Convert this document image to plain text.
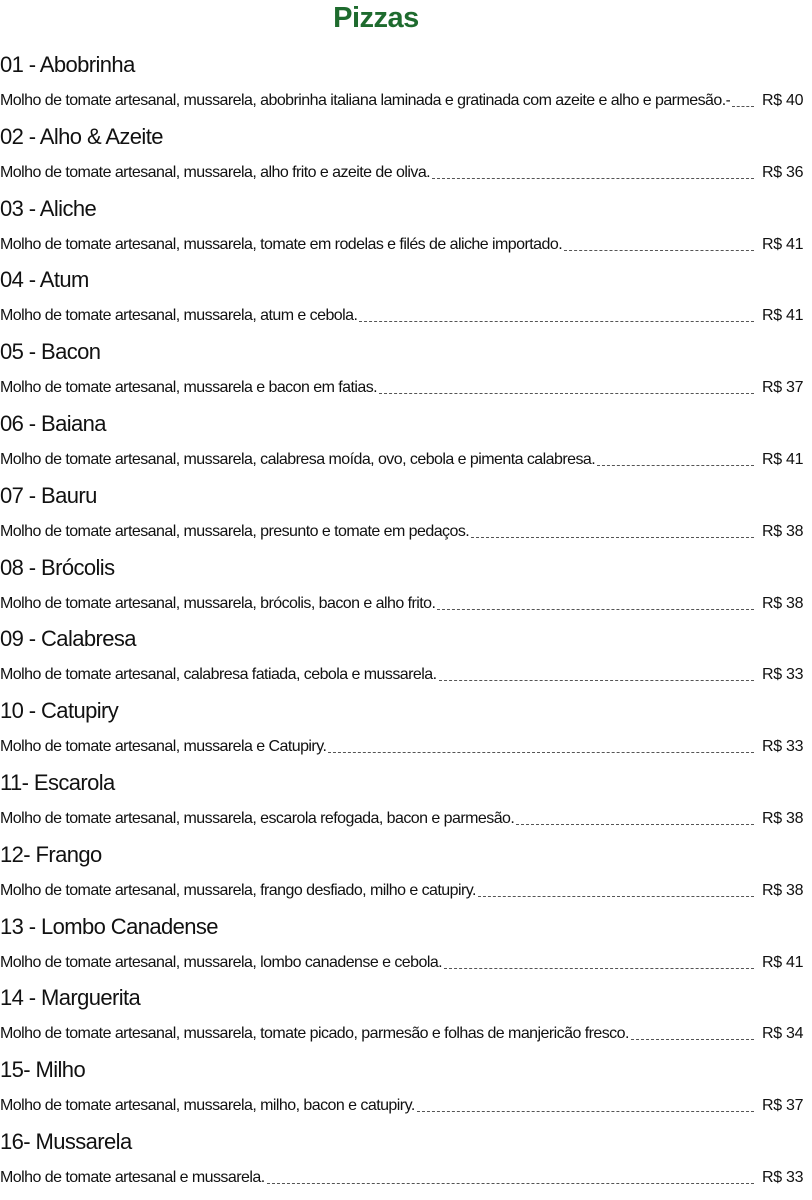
Pizzas
01 - Abobrinha
Molho de tomate artesanal, mussarela, abobrinha italiana laminada e gratinada com azeite e alho e parmesão.- R$ 40
02 - Alho & Azeite
Molho de tomate artesanal, mussarela, alho frito e azeite de oliva.	R$ 36
03 - Aliche
Molho de tomate artesanal, mussarela, tomate em rodelas e filés de aliche importado.	R$ 41
04 - Atum
Molho de tomate artesanal, mussarela, atum e cebola.	R$ 41
05 - Bacon
Molho de tomate artesanal, mussarela e bacon em fatias.	R$ 37
06 - Baiana
Molho de tomate artesanal, mussarela, calabresa moída, ovo, cebola e pimenta calabresa.	R$ 41
07 - Bauru
Molho de tomate artesanal, mussarela, presunto e tomate em pedaços.	R$ 38
08 - Brócolis
Molho de tomate artesanal, mussarela, brócolis, bacon e alho frito.	R$ 38
09 - Calabresa
Molho de tomate artesanal, calabresa fatiada, cebola e mussarela.	R$ 33
10 - Catupiry
Molho de tomate artesanal, mussarela e Catupiry.	R$ 33
11- Escarola
Molho de tomate artesanal, mussarela, escarola refogada, bacon e parmesão.	R$ 38
12- Frango
Molho de tomate artesanal, mussarela, frango desfiado, milho e catupiry.	R$ 38
13 - Lombo Canadense
Molho de tomate artesanal, mussarela, lombo canadense e cebola.	R$ 41
14 - Marguerita
Molho de tomate artesanal, mussarela, tomate picado, parmesão e folhas de manjericão fresco.	R$ 34
15- Milho
Molho de tomate artesanal, mussarela, milho, bacon e catupiry.	R$ 37
16- Mussarela
Molho de tomate artesanal e mussarela.	R$ 33
